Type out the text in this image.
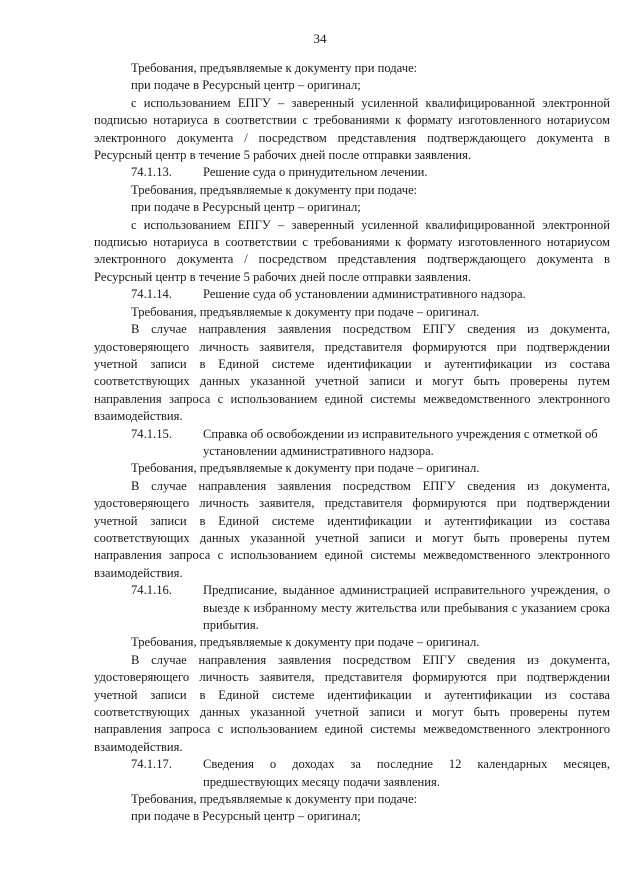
34

Требования, предъявляемые к документу при подаче:

при подаче в Ресурсный центр – оригинал;

с использованием ЕПГУ – заверенный усиленной квалифицированной электронной подписью нотариуса в соответствии с требованиями к формату изготовленного нотариусом электронного документа / посредством представления подтверждающего документа в Ресурсный центр в течение 5 рабочих дней после отправки заявления.

74.1.13.	Решение суда о принудительном лечении.

Требования, предъявляемые к документу при подаче:

при подаче в Ресурсный центр – оригинал;

с использованием ЕПГУ – заверенный усиленной квалифицированной электронной подписью нотариуса в соответствии с требованиями к формату изготовленного нотариусом электронного документа / посредством представления подтверждающего документа в Ресурсный центр в течение 5 рабочих дней после отправки заявления.

74.1.14.	Решение суда об установлении административного надзора.

Требования, предъявляемые к документу при подаче – оригинал.

В случае направления заявления посредством ЕПГУ сведения из документа, удостоверяющего личность заявителя, представителя формируются при подтверждении учетной записи в Единой системе идентификации и аутентификации из состава соответствующих данных указанной учетной записи и могут быть проверены путем направления запроса с использованием единой системы межведомственного электронного взаимодействия.

74.1.15.	Справка об освобождении из исправительного учреждения с отметкой об установлении административного надзора.

Требования, предъявляемые к документу при подаче – оригинал.

В случае направления заявления посредством ЕПГУ сведения из документа, удостоверяющего личность заявителя, представителя формируются при подтверждении учетной записи в Единой системе идентификации и аутентификации из состава соответствующих данных указанной учетной записи и могут быть проверены путем направления запроса с использованием единой системы межведомственного электронного взаимодействия.

74.1.16.	Предписание, выданное администрацией исправительного учреждения, о выезде к избранному месту жительства или пребывания с указанием срока прибытия.

Требования, предъявляемые к документу при подаче – оригинал.

В случае направления заявления посредством ЕПГУ сведения из документа, удостоверяющего личность заявителя, представителя формируются при подтверждении учетной записи в Единой системе идентификации и аутентификации из состава соответствующих данных указанной учетной записи и могут быть проверены путем направления запроса с использованием единой системы межведомственного электронного взаимодействия.

74.1.17.	Сведения о доходах за последние 12 календарных месяцев, предшествующих месяцу подачи заявления.

Требования, предъявляемые к документу при подаче:

при подаче в Ресурсный центр – оригинал;
